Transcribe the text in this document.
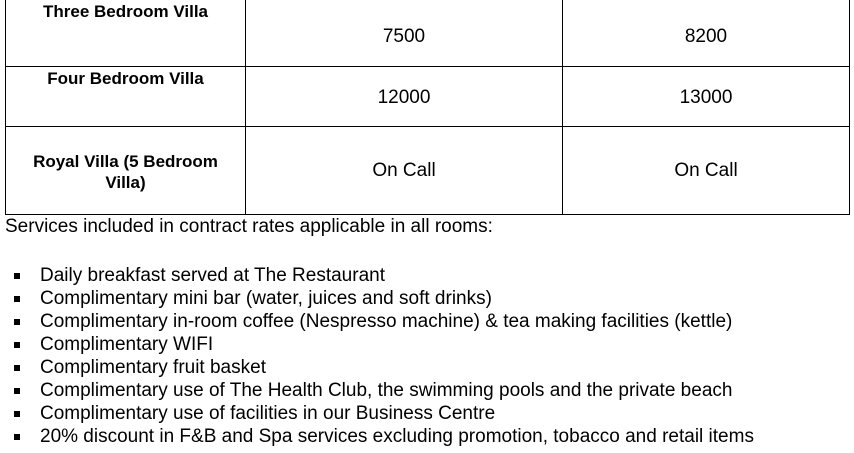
Three Bedroom Villa	7500	8200

Four Bedroom Villa	12000	13000

Royal Villa (5 Bedroom Villa)	On Call	On Call

Services included in contract rates applicable in all rooms:

Daily breakfast served at The Restaurant
Complimentary mini bar (water, juices and soft drinks)
Complimentary in-room coffee (Nespresso machine) & tea making facilities (kettle)
Complimentary WIFI
Complimentary fruit basket
Complimentary use of The Health Club, the swimming pools and the private beach
Complimentary use of facilities in our Business Centre
20% discount in F&B and Spa services excluding promotion, tobacco and retail items
